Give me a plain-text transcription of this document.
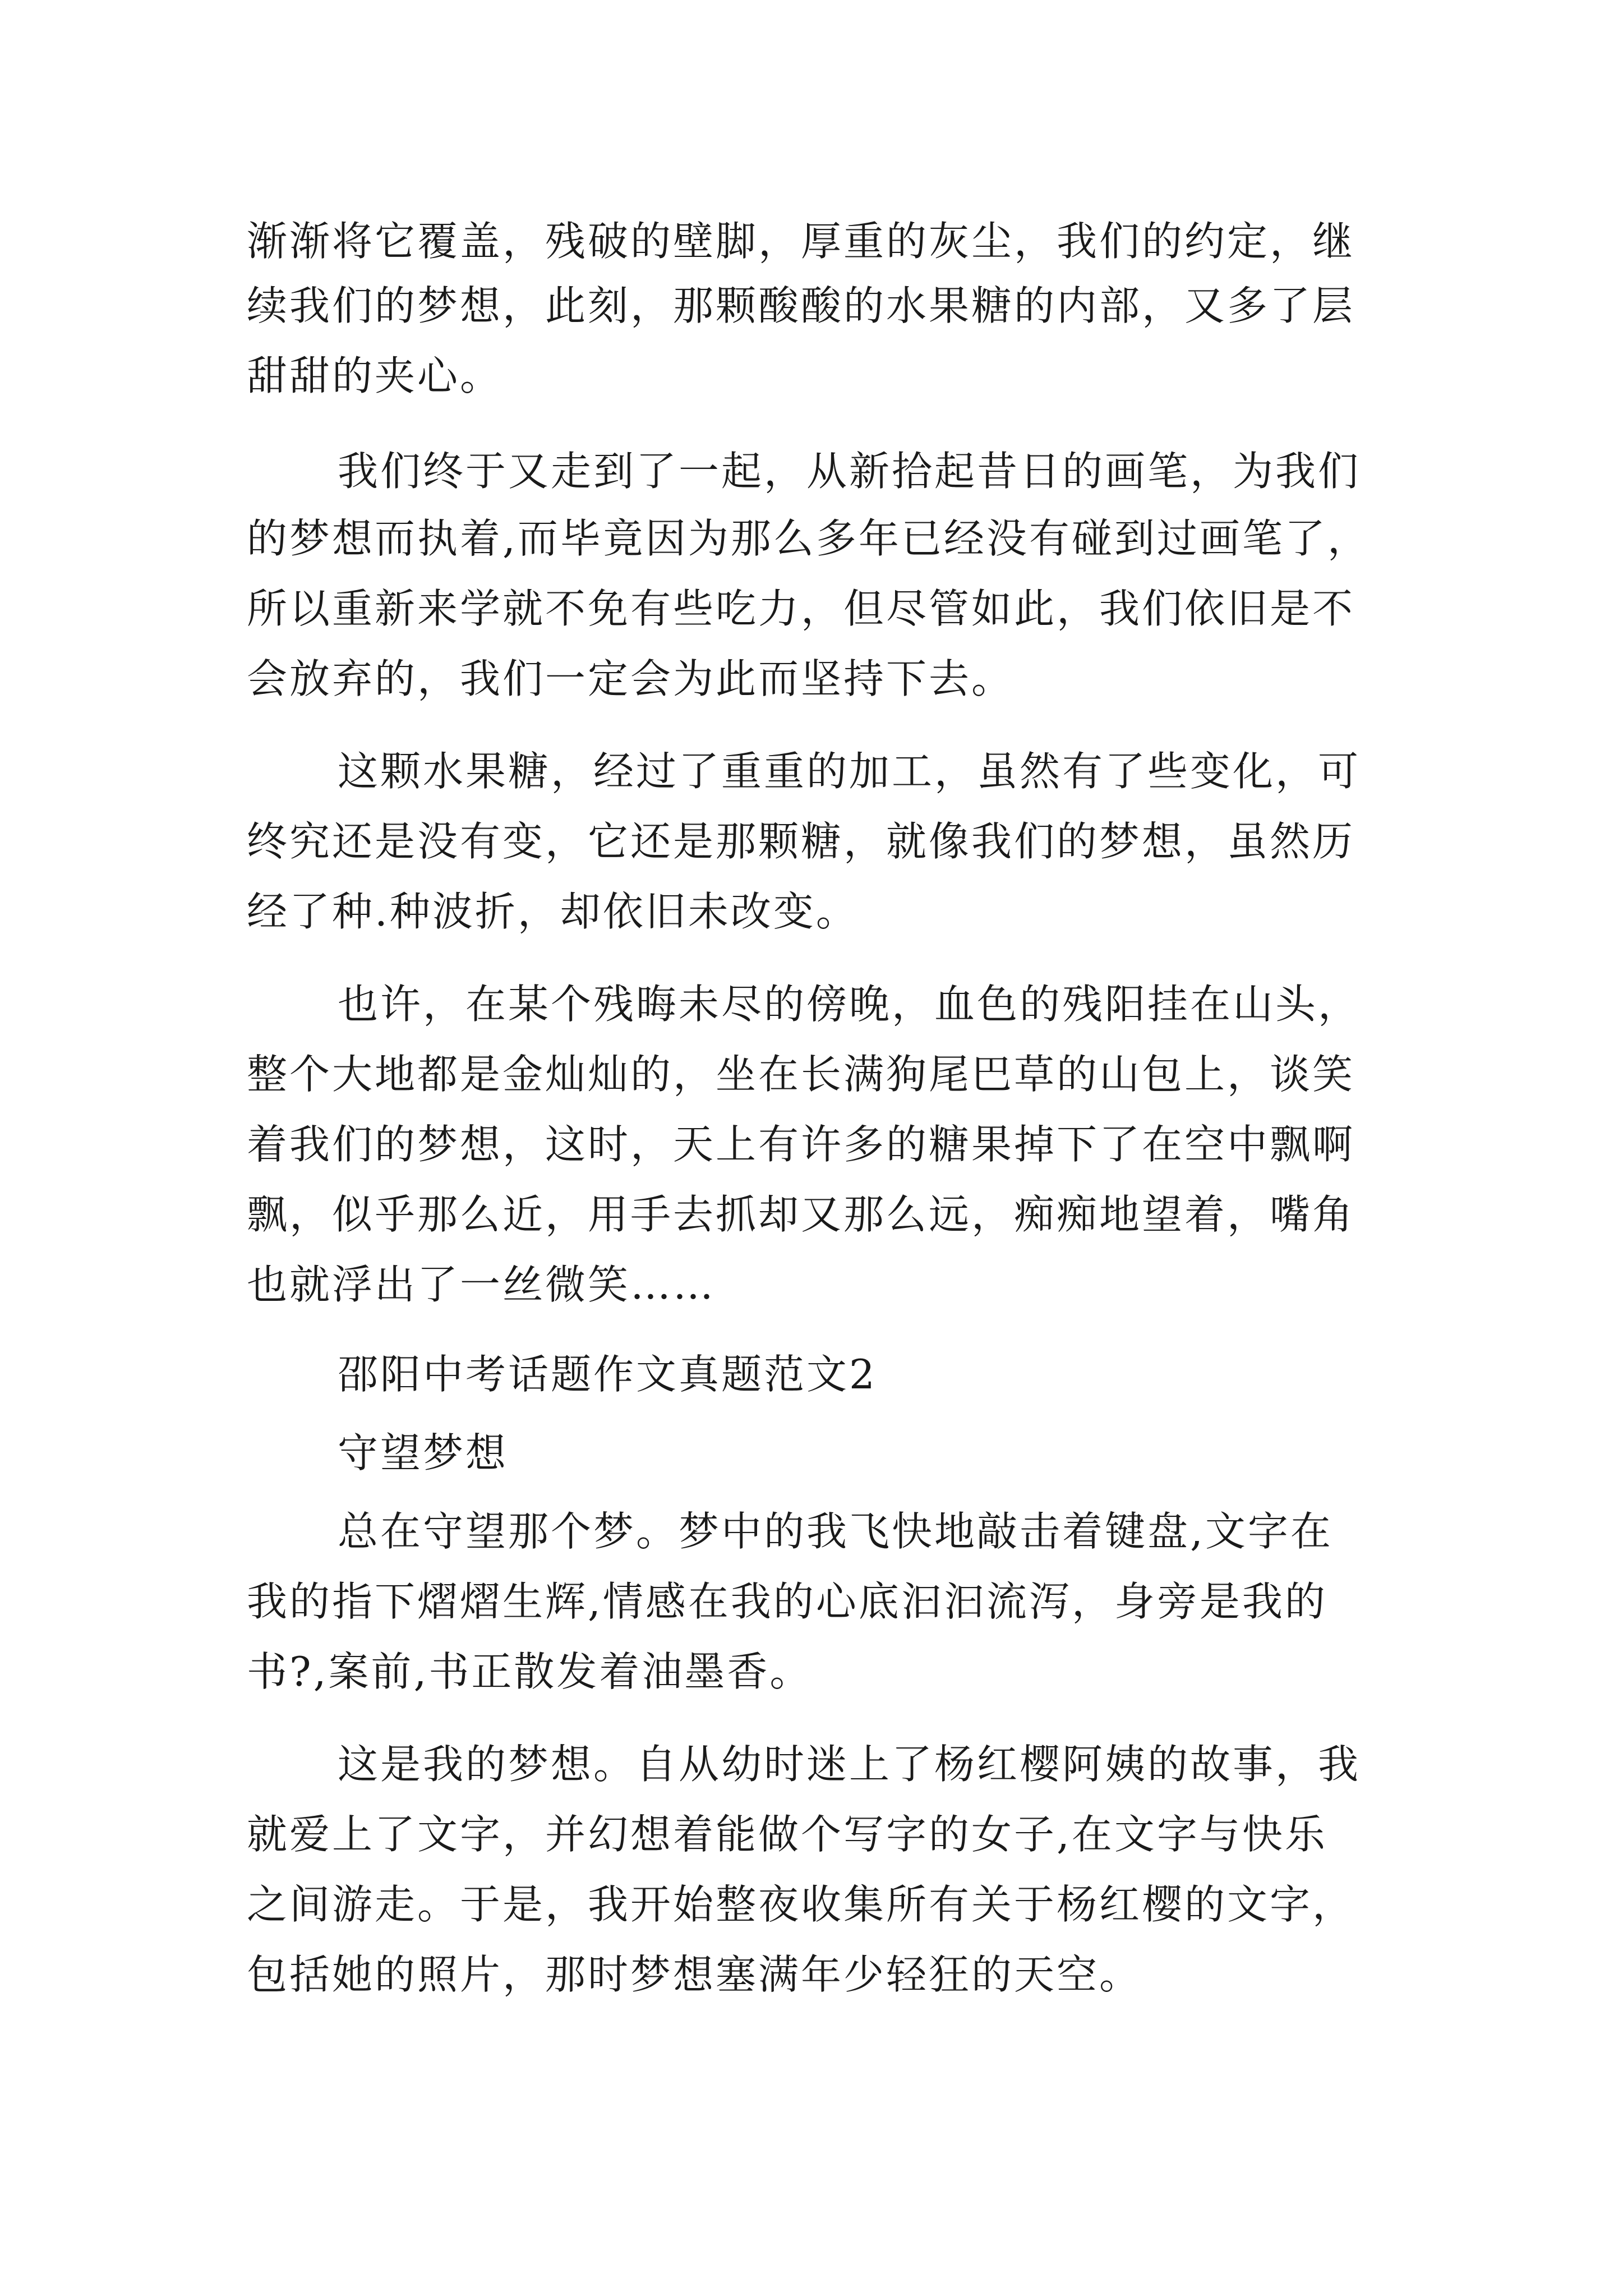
渐渐将它覆盖，残破的壁脚，厚重的灰尘，我们的约定，继
续我们的梦想，此刻，那颗酸酸的水果糖的内部，又多了层
甜甜的夹心。
我们终于又走到了一起，从新拾起昔日的画笔，为我们
的梦想而执着,而毕竟因为那么多年已经没有碰到过画笔了，
所以重新来学就不免有些吃力，但尽管如此，我们依旧是不
会放弃的，我们一定会为此而坚持下去。
这颗水果糖，经过了重重的加工，虽然有了些变化，可
终究还是没有变，它还是那颗糖，就像我们的梦想，虽然历
经了种.种波折，却依旧未改变。
也许，在某个残晦未尽的傍晚，血色的残阳挂在山头，
整个大地都是金灿灿的，坐在长满狗尾巴草的山包上，谈笑
着我们的梦想，这时，天上有许多的糖果掉下了在空中飘啊
飘，似乎那么近，用手去抓却又那么远，痴痴地望着，嘴角
也就浮出了一丝微笑……
邵阳中考话题作文真题范文2
守望梦想
总在守望那个梦。梦中的我飞快地敲击着键盘,文字在
我的指下熠熠生辉,情感在我的心底汩汩流泻，身旁是我的
书?,案前,书正散发着油墨香。
这是我的梦想。自从幼时迷上了杨红樱阿姨的故事，我
就爱上了文字，并幻想着能做个写字的女子,在文字与快乐
之间游走。于是，我开始整夜收集所有关于杨红樱的文字，
包括她的照片，那时梦想塞满年少轻狂的天空。
